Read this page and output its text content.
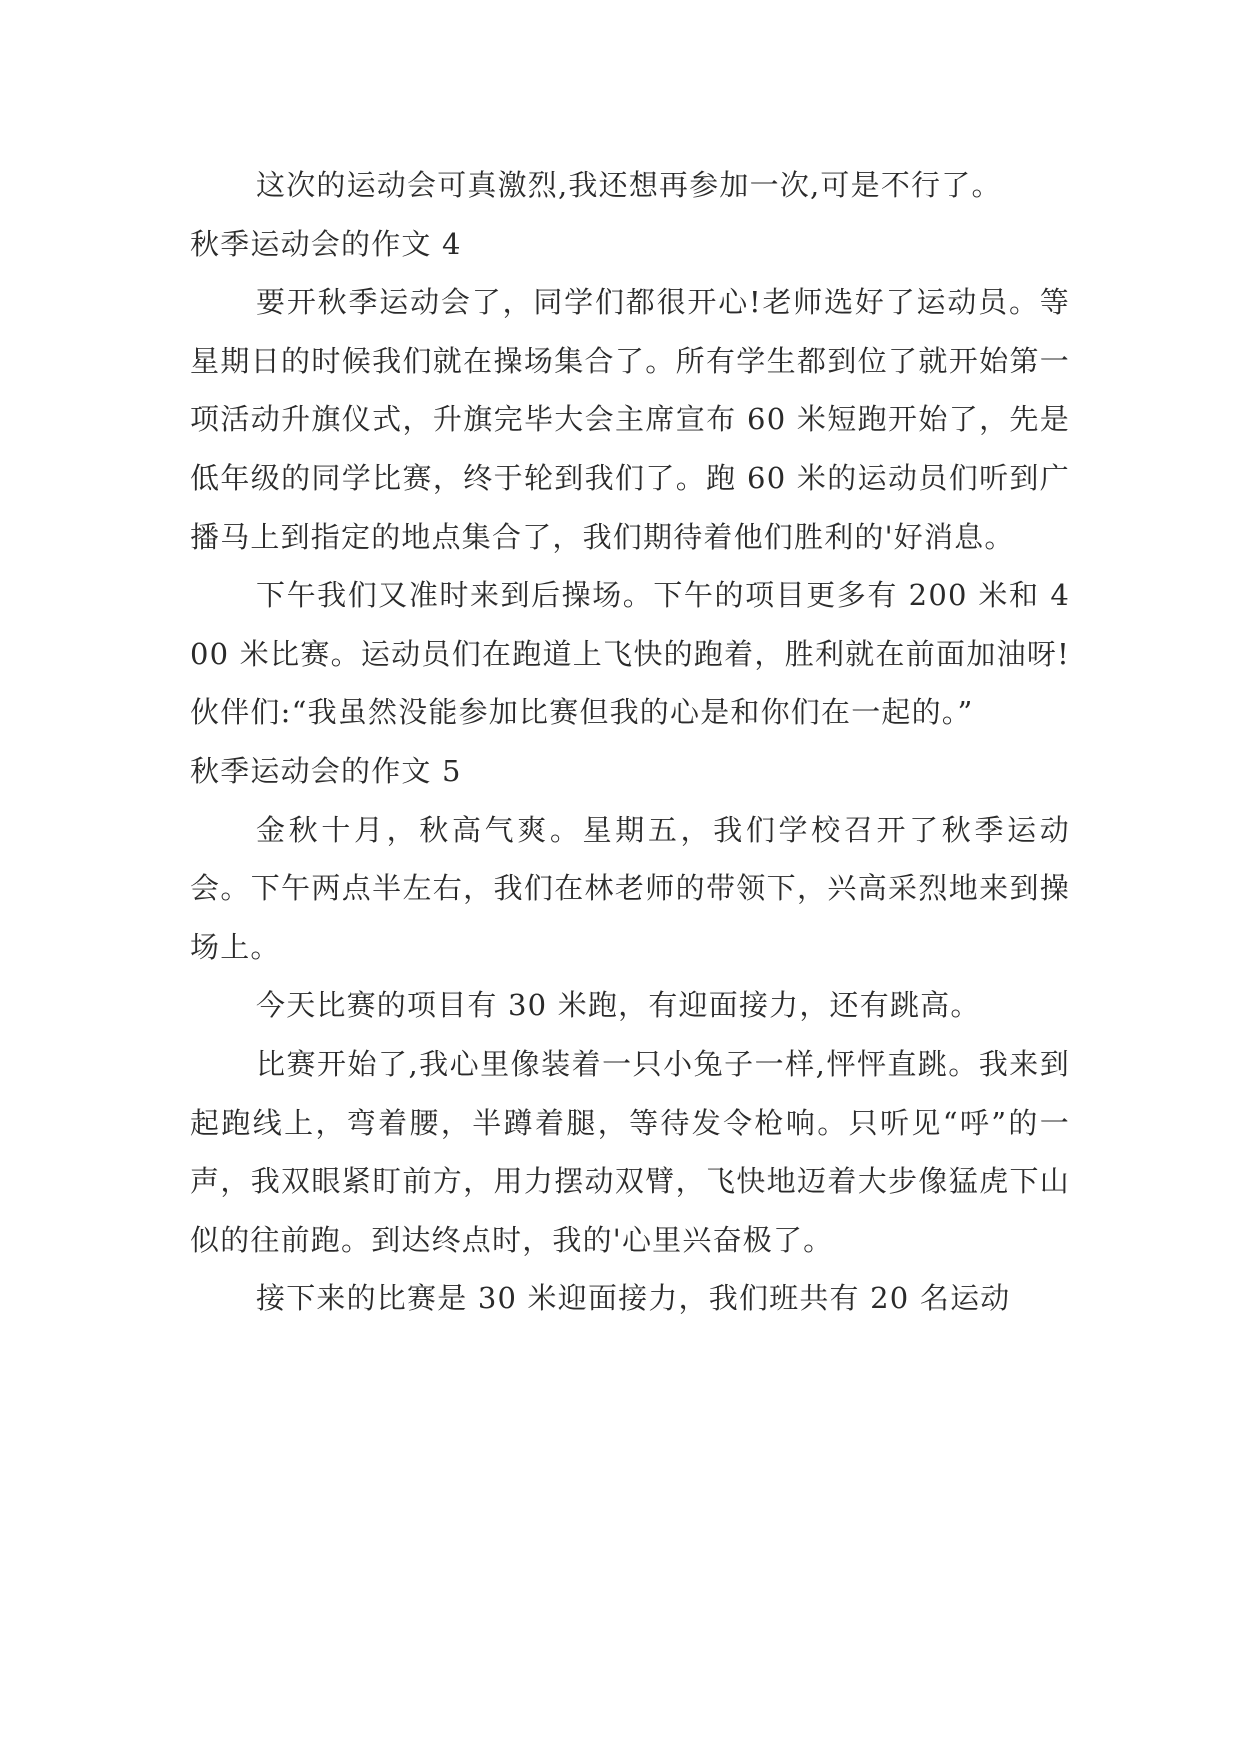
这次的运动会可真激烈,我还想再参加一次,可是不行了。

秋季运动会的作文 4

要开秋季运动会了，同学们都很开心!老师选好了运动员。等星期日的时候我们就在操场集合了。所有学生都到位了就开始第一项活动升旗仪式，升旗完毕大会主席宣布 60 米短跑开始了，先是低年级的同学比赛，终于轮到我们了。跑 60 米的运动员们听到广播马上到指定的地点集合了，我们期待着他们胜利的'好消息。

下午我们又准时来到后操场。下午的项目更多有 200 米和 400 米比赛。运动员们在跑道上飞快的跑着，胜利就在前面加油呀!伙伴们:“我虽然没能参加比赛但我的心是和你们在一起的。”

秋季运动会的作文 5

金秋十月，秋高气爽。星期五，我们学校召开了秋季运动会。下午两点半左右，我们在林老师的带领下，兴高采烈地来到操场上。

今天比赛的项目有 30 米跑，有迎面接力，还有跳高。

比赛开始了,我心里像装着一只小兔子一样,怦怦直跳。我来到起跑线上，弯着腰，半蹲着腿，等待发令枪响。只听见“呼”的一声，我双眼紧盯前方，用力摆动双臂，飞快地迈着大步像猛虎下山似的往前跑。到达终点时，我的'心里兴奋极了。

接下来的比赛是 30 米迎面接力，我们班共有 20 名运动
